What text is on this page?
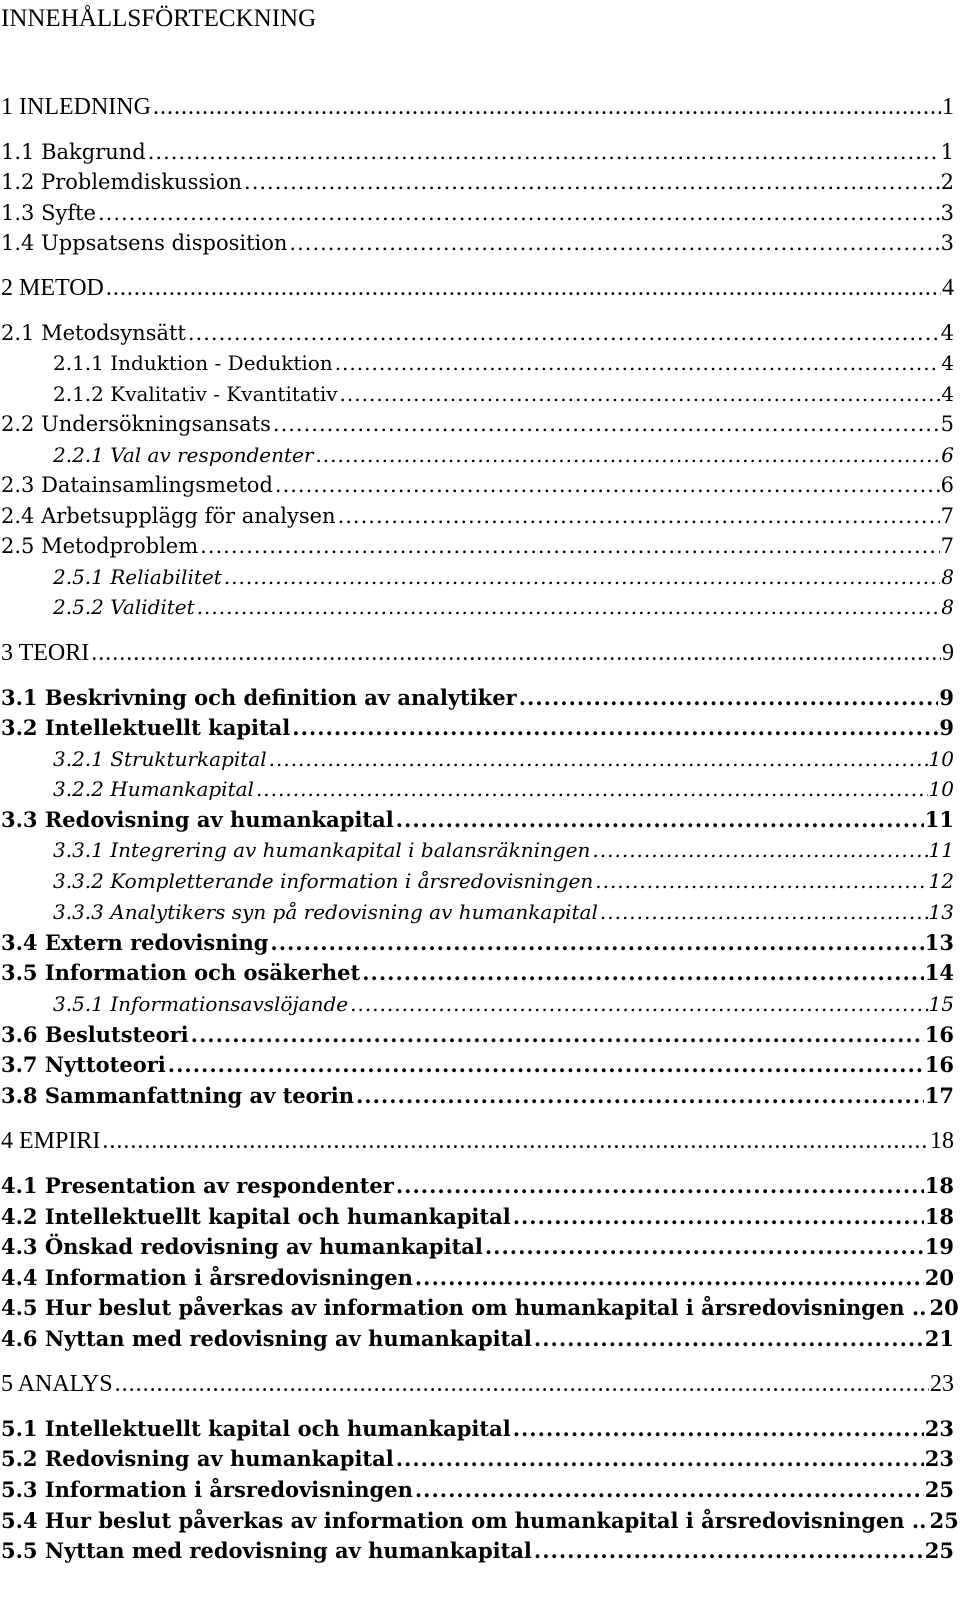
INNEHÅLLSFÖRTECKNING
1 INLEDNING .....	1
1.1 Bakgrund .....	1
1.2 Problemdiskussion .....	2
1.3 Syfte .....	3
1.4 Uppsatsens disposition .....	3
2 METOD .....	4
2.1 Metodsynsätt .....	4
2.1.1 Induktion - Deduktion .....	4
2.1.2 Kvalitativ - Kvantitativ .....	4
2.2 Undersökningsansats .....	5
2.2.1 Val av respondenter .....	6
2.3 Datainsamlingsmetod .....	6
2.4 Arbetsupplägg för analysen .....	7
2.5 Metodproblem .....	7
2.5.1 Reliabilitet .....	8
2.5.2 Validitet .....	8
3 TEORI .....	9
3.1 Beskrivning och definition av analytiker .....	9
3.2 Intellektuellt kapital .....	9
3.2.1 Strukturkapital .....	10
3.2.2 Humankapital .....	10
3.3 Redovisning av humankapital .....	11
3.3.1 Integrering av humankapital i balansräkningen .....	11
3.3.2 Kompletterande information i årsredovisningen .....	12
3.3.3 Analytikers syn på redovisning av humankapital .....	13
3.4 Extern redovisning .....	13
3.5 Information och osäkerhet .....	14
3.5.1 Informationsavslöjande .....	15
3.6 Beslutsteori .....	16
3.7 Nyttoteori .....	16
3.8 Sammanfattning av teorin .....	17
4 EMPIRI .....	18
4.1 Presentation av respondenter .....	18
4.2 Intellektuellt kapital och humankapital .....	18
4.3 Önskad redovisning av humankapital .....	19
4.4 Information i årsredovisningen .....	20
4.5 Hur beslut påverkas av information om humankapital i årsredovisningen .. 20
4.6 Nyttan med redovisning av humankapital .....	21
5 ANALYS .....	23
5.1 Intellektuellt kapital och humankapital .....	23
5.2 Redovisning av humankapital .....	23
5.3 Information i årsredovisningen .....	25
5.4 Hur beslut påverkas av information om humankapital i årsredovisningen .. 25
5.5 Nyttan med redovisning av humankapital .....	25
